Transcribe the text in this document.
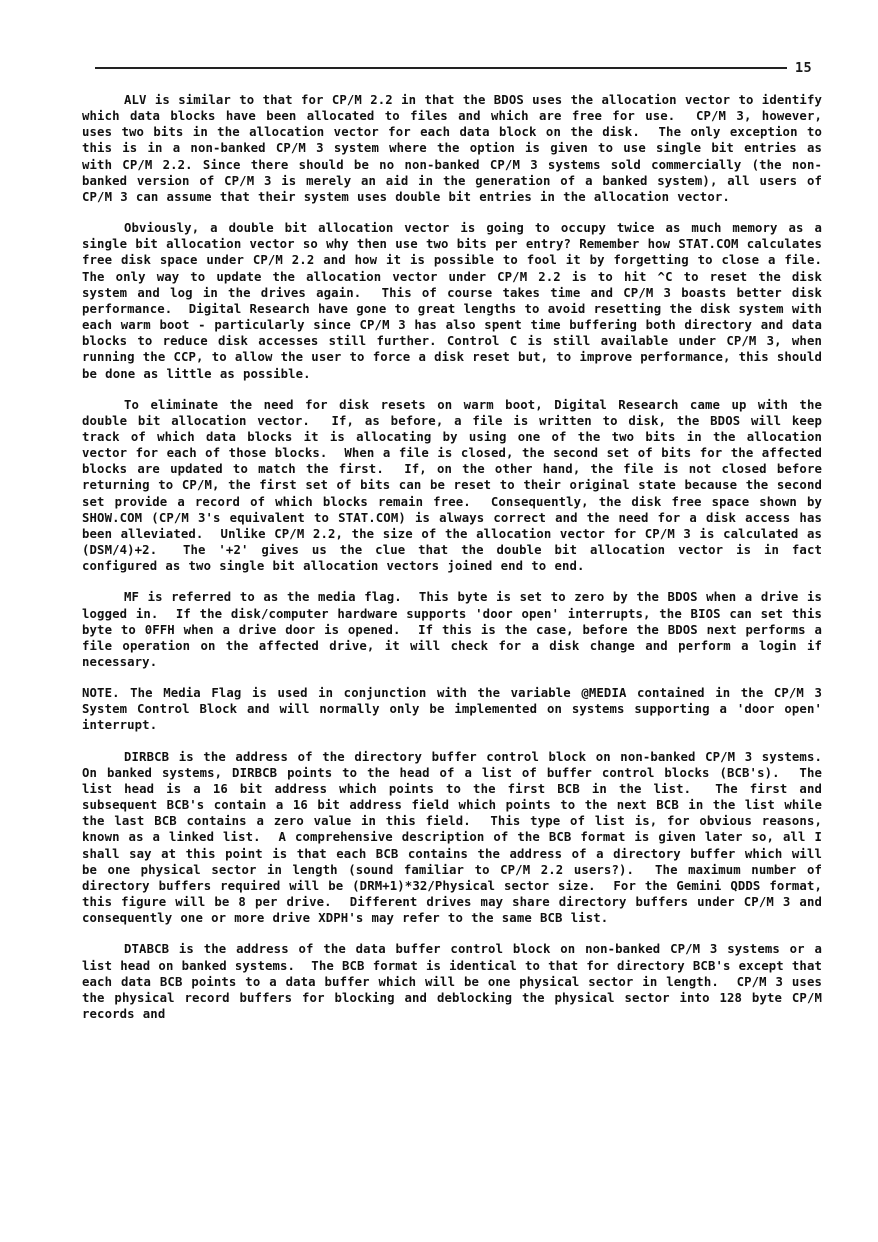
15

ALV is similar to that for CP/M 2.2 in that the BDOS uses the allocation vector to identify which data blocks have been allocated to files and which are free for use.  CP/M 3, however, uses two bits in the allocation vector for each data block on the disk.  The only exception to this is in a non-banked CP/M 3 system where the option is given to use single bit entries as with CP/M 2.2. Since there should be no non-banked CP/M 3 systems sold commercially (the non-banked version of CP/M 3 is merely an aid in the generation of a banked system), all users of CP/M 3 can assume that their system uses double bit entries in the allocation vector.

Obviously, a double bit allocation vector is going to occupy twice as much memory as a single bit allocation vector so why then use two bits per entry? Remember how STAT.COM calculates free disk space under CP/M 2.2 and how it is possible to fool it by forgetting to close a file.  The only way to update the allocation vector under CP/M 2.2 is to hit ^C to reset the disk system and log in the drives again.  This of course takes time and CP/M 3 boasts better disk performance.  Digital Research have gone to great lengths to avoid resetting the disk system with each warm boot - particularly since CP/M 3 has also spent time buffering both directory and data blocks to reduce disk accesses still further. Control C is still available under CP/M 3, when running the CCP, to allow the user to force a disk reset but, to improve performance, this should be done as little as possible.

To eliminate the need for disk resets on warm boot, Digital Research came up with the double bit allocation vector.  If, as before, a file is written to disk, the BDOS will keep track of which data blocks it is allocating by using one of the two bits in the allocation vector for each of those blocks.  When a file is closed, the second set of bits for the affected blocks are updated to match the first.  If, on the other hand, the file is not closed before returning to CP/M, the first set of bits can be reset to their original state because the second set provide a record of which blocks remain free.  Consequently, the disk free space shown by SHOW.COM (CP/M 3's equivalent to STAT.COM) is always correct and the need for a disk access has been alleviated.  Unlike CP/M 2.2, the size of the allocation vector for CP/M 3 is calculated as (DSM/4)+2.  The '+2' gives us the clue that the double bit allocation vector is in fact configured as two single bit allocation vectors joined end to end.

MF is referred to as the media flag.  This byte is set to zero by the BDOS when a drive is logged in.  If the disk/computer hardware supports 'door open' interrupts, the BIOS can set this byte to 0FFH when a drive door is opened.  If this is the case, before the BDOS next performs a file operation on the affected drive, it will check for a disk change and perform a login if necessary.

NOTE. The Media Flag is used in conjunction with the variable @MEDIA contained in the CP/M 3 System Control Block and will normally only be implemented on systems supporting a 'door open' interrupt.

DIRBCB is the address of the directory buffer control block on non-banked CP/M 3 systems.  On banked systems, DIRBCB points to the head of a list of buffer control blocks (BCB's).  The list head is a 16 bit address which points to the first BCB in the list.  The first and subsequent BCB's contain a 16 bit address field which points to the next BCB in the list while the last BCB contains a zero value in this field.  This type of list is, for obvious reasons, known as a linked list.  A comprehensive description of the BCB format is given later so, all I shall say at this point is that each BCB contains the address of a directory buffer which will be one physical sector in length (sound familiar to CP/M 2.2 users?).  The maximum number of directory buffers required will be (DRM+1)*32/Physical sector size.  For the Gemini QDDS format, this figure will be 8 per drive.  Different drives may share directory buffers under CP/M 3 and consequently one or more drive XDPH's may refer to the same BCB list.

DTABCB is the address of the data buffer control block on non-banked CP/M 3 systems or a list head on banked systems.  The BCB format is identical to that for directory BCB's except that each data BCB points to a data buffer which will be one physical sector in length.  CP/M 3 uses the physical record buffers for blocking and deblocking the physical sector into 128 byte CP/M records and
